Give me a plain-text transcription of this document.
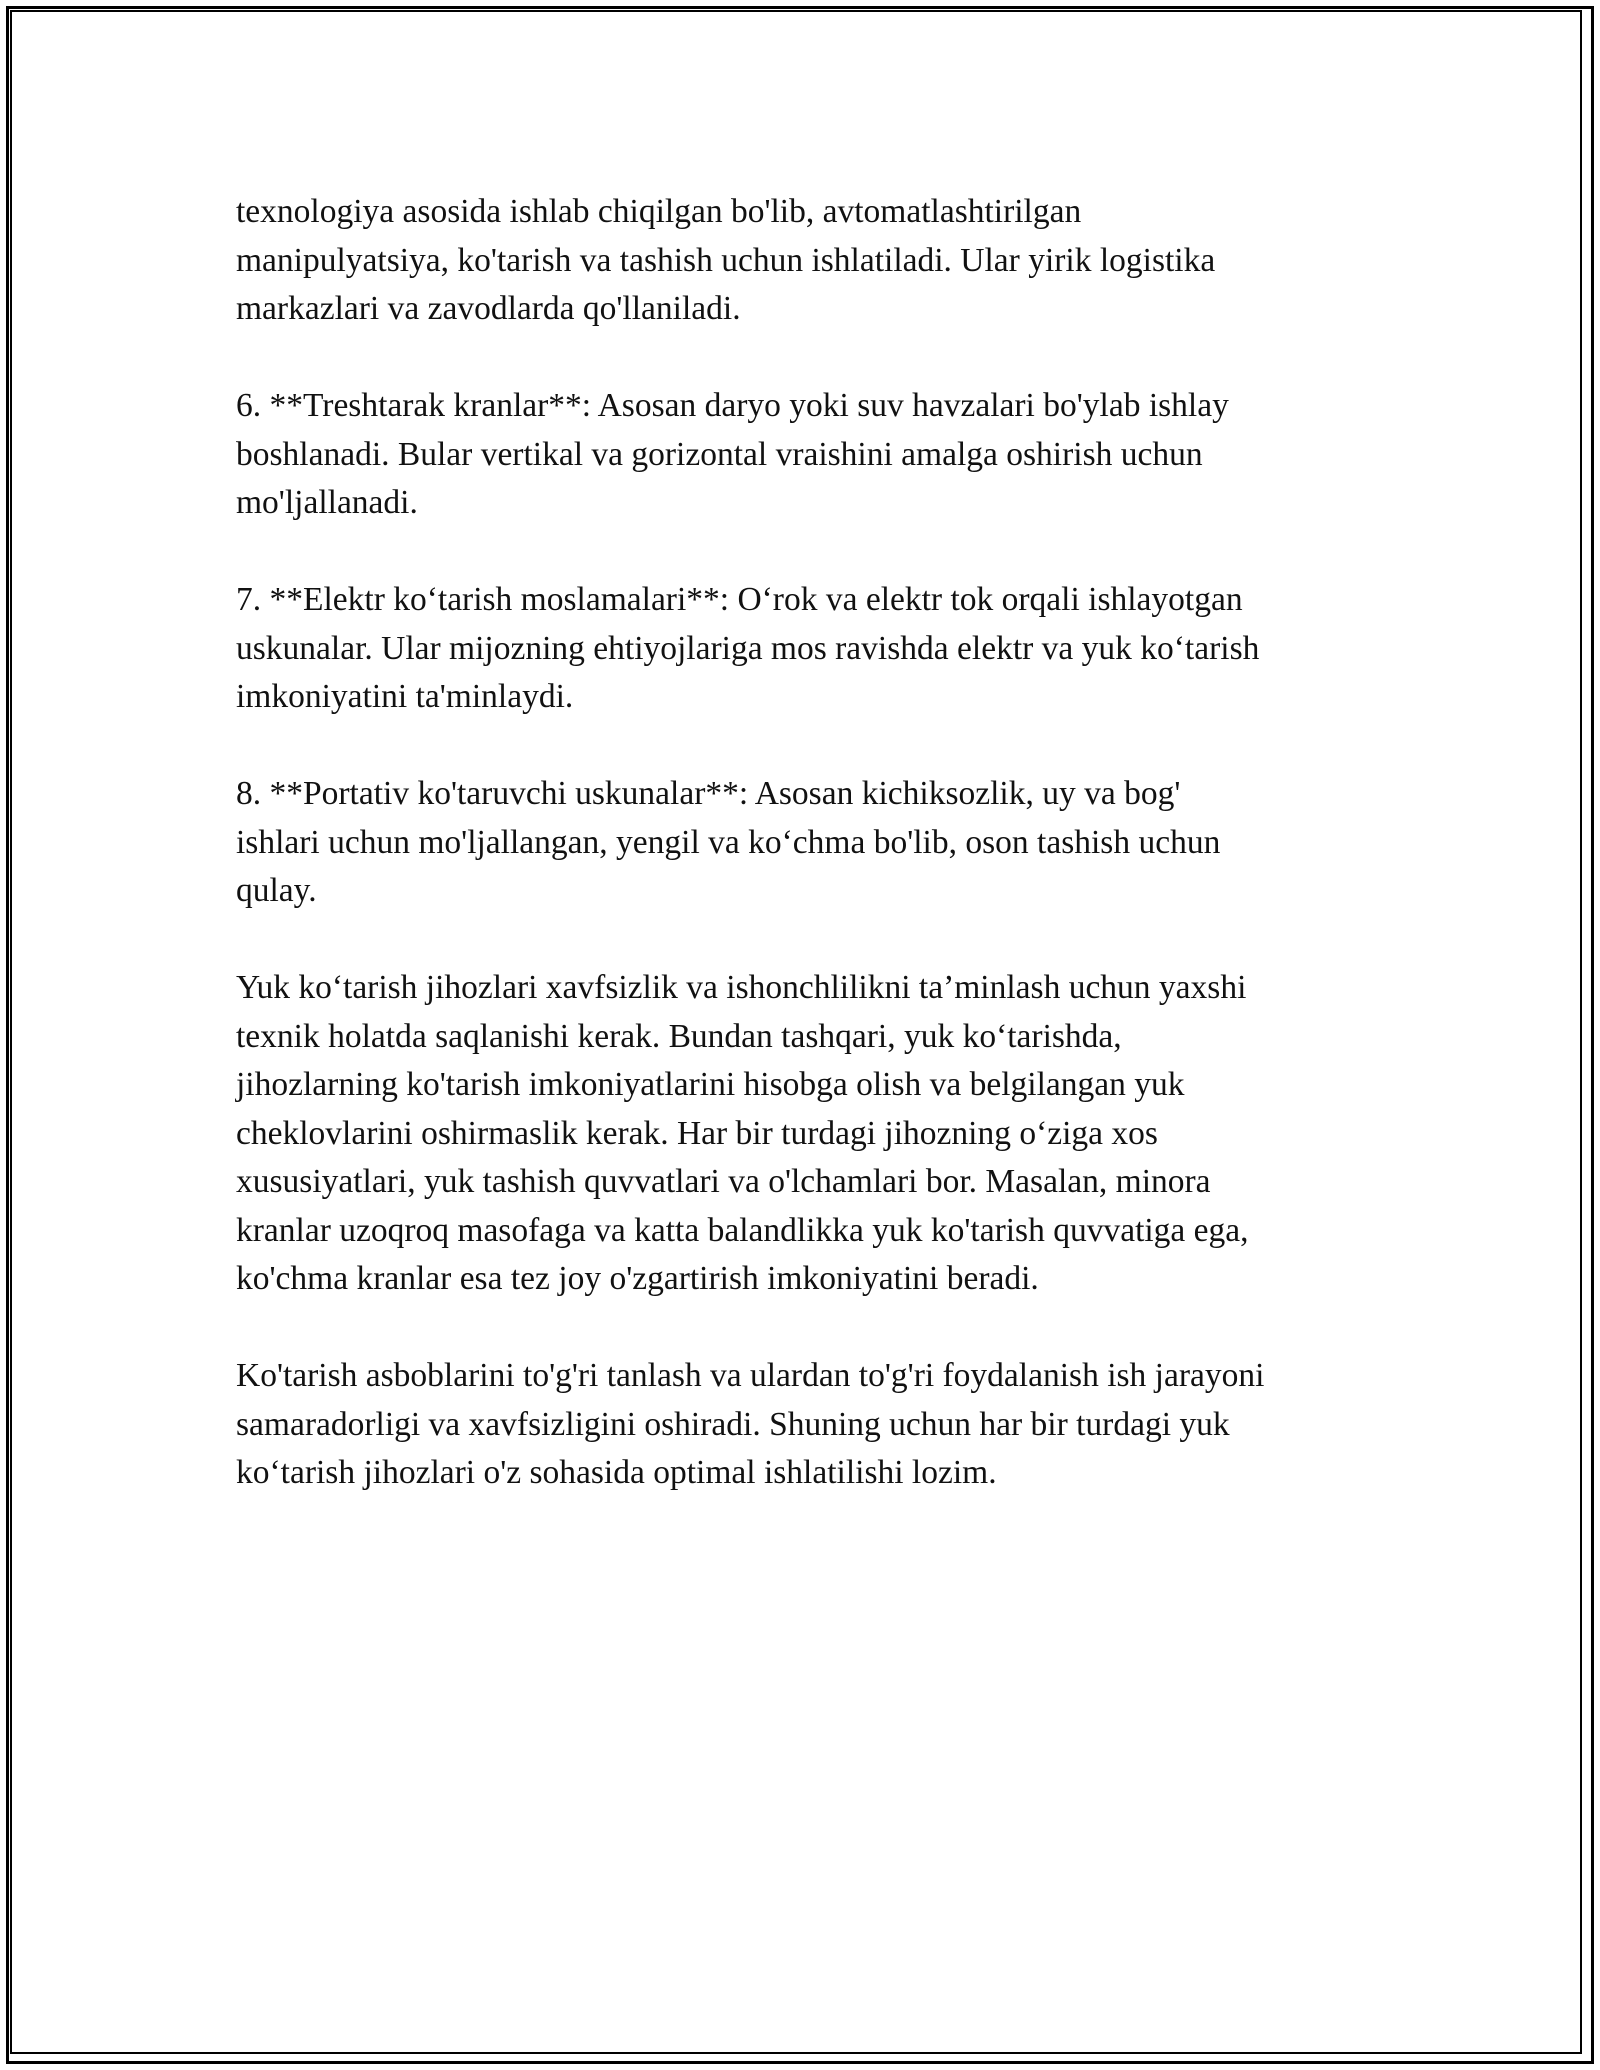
texnologiya asosida ishlab chiqilgan bo'lib, avtomatlashtirilgan
manipulyatsiya, ko'tarish va tashish uchun ishlatiladi. Ular yirik logistika
markazlari va zavodlarda qo'llaniladi.

6. **Treshtarak kranlar**: Asosan daryo yoki suv havzalari bo'ylab ishlay
boshlanadi. Bular vertikal va gorizontal vraishini amalga oshirish uchun
mo'ljallanadi.

7. **Elektr ko‘tarish moslamalari**: O‘rok va elektr tok orqali ishlayotgan
uskunalar. Ular mijozning ehtiyojlariga mos ravishda elektr va yuk ko‘tarish
imkoniyatini ta'minlaydi.

8. **Portativ ko'taruvchi uskunalar**: Asosan kichiksozlik, uy va bog'
ishlari uchun mo'ljallangan, yengil va ko‘chma bo'lib, oson tashish uchun
qulay.

Yuk ko‘tarish jihozlari xavfsizlik va ishonchlilikni ta’minlash uchun yaxshi
texnik holatda saqlanishi kerak. Bundan tashqari, yuk ko‘tarishda,
jihozlarning ko'tarish imkoniyatlarini hisobga olish va belgilangan yuk
cheklovlarini oshirmaslik kerak. Har bir turdagi jihozning o‘ziga xos
xususiyatlari, yuk tashish quvvatlari va o'lchamlari bor. Masalan, minora
kranlar uzoqroq masofaga va katta balandlikka yuk ko'tarish quvvatiga ega,
ko'chma kranlar esa tez joy o'zgartirish imkoniyatini beradi.

Ko'tarish asboblarini to'g'ri tanlash va ulardan to'g'ri foydalanish ish jarayoni
samaradorligi va xavfsizligini oshiradi. Shuning uchun har bir turdagi yuk
ko‘tarish jihozlari o'z sohasida optimal ishlatilishi lozim.
